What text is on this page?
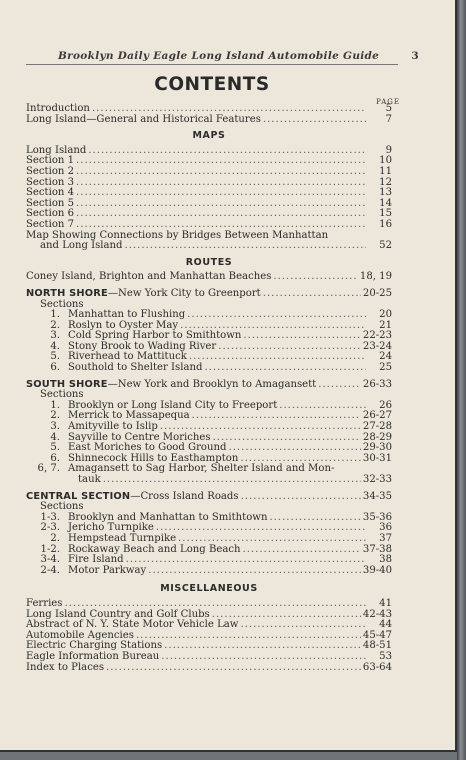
Brooklyn Daily Eagle Long Island Automobile Guide	3
CONTENTS
PAGE
Introduction .....	5
Long Island—General and Historical Features .....	7
MAPS
Long Island .....	9
Section 1 .....	10
Section 2 .....	11
Section 3 .....	12
Section 4 .....	13
Section 5 .....	14
Section 6 .....	15
Section 7 .....	16
Map Showing Connections by Bridges Between Manhattan
and Long Island .....	52
ROUTES
Coney Island, Brighton and Manhattan Beaches .....	18, 19
NORTH SHORE—New York City to Greenport .....	20-25
Sections
1. Manhattan to Flushing .....	20
2. Roslyn to Oyster May .....	21
3. Cold Spring Harbor to Smithtown .....	22-23
4. Stony Brook to Wading River .....	23-24
5. Riverhead to Mattituck .....	24
6. Southold to Shelter Island .....	25
SOUTH SHORE—New York and Brooklyn to Amagansett .....	26-33
Sections
1. Brooklyn or Long Island City to Freeport .....	26
2. Merrick to Massapequa .....	26-27
3. Amityville to Islip .....	27-28
4. Sayville to Centre Moriches .....	28-29
5. East Moriches to Good Ground .....	29-30
6. Shinnecock Hills to Easthampton .....	30-31
6, 7. Amagansett to Sag Harbor, Shelter Island and Mon-
tauk .....	32-33
CENTRAL SECTION—Cross Island Roads .....	34-35
Sections
1-3. Brooklyn and Manhattan to Smithtown .....	35-36
2-3. Jericho Turnpike .....	36
2. Hempstead Turnpike .....	37
1-2. Rockaway Beach and Long Beach .....	37-38
3-4. Fire Island .....	38
2-4. Motor Parkway .....	39-40
MISCELLANEOUS
Ferries .....	41
Long Island Country and Golf Clubs .....	42-43
Abstract of N. Y. State Motor Vehicle Law .....	44
Automobile Agencies .....	45-47
Electric Charging Stations .....	48-51
Eagle Information Bureau .....	53
Index to Places .....	63-64
